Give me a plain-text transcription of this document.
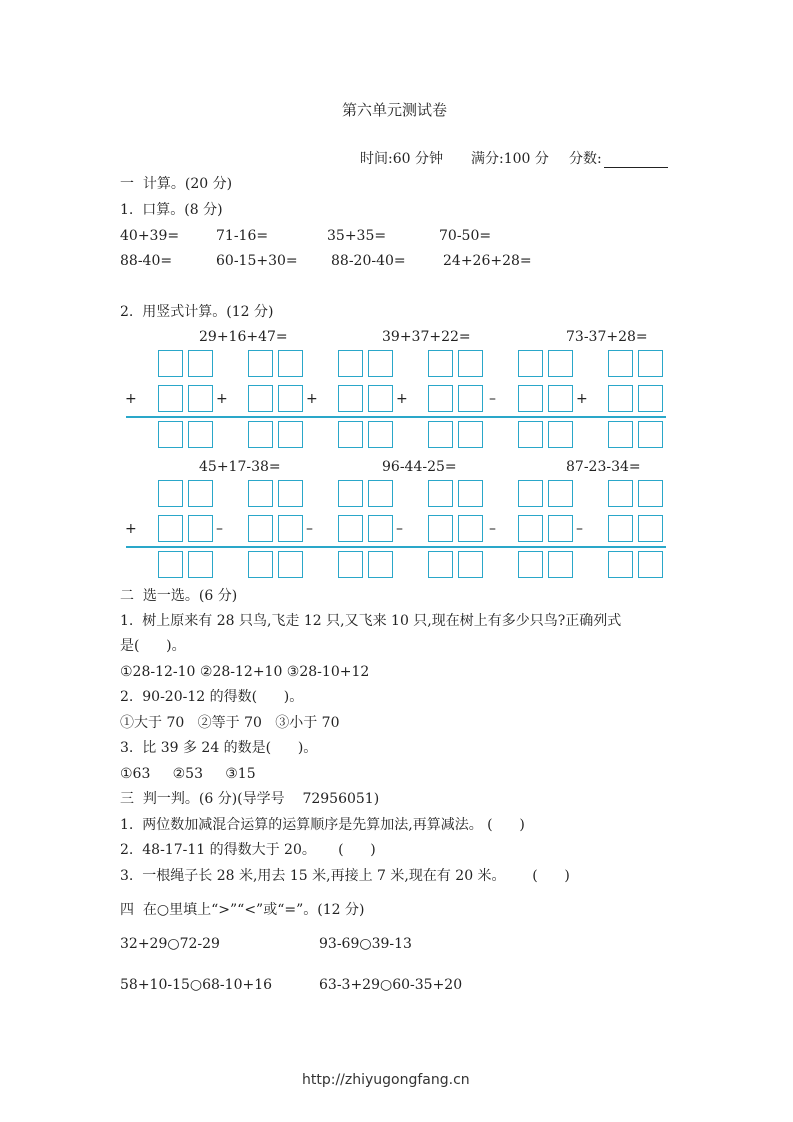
第六单元测试卷
时间:60 分钟 满分:100 分 分数:
一  计算。(20 分)
1.  口算。(8 分)
40+39=	71-16=	35+35=	70-50=
88-40=	60-15+30= 88-20-40=	24+26+28=
2.  用竖式计算。(12 分)
29+16+47=	39+37+22=	73-37+28=
45+17-38=	96-44-25=	87-23-34=
+	+	+	+	–	+
+	–	–	–	–	–
二  选一选。(6 分)
1.  树上原来有 28 只鸟,飞走 12 只,又飞来 10 只,现在树上有多少只鸟?正确列式
是(      )。
①28-12-10 ②28-12+10 ③28-10+12
2.  90-20-12 的得数(      )。
①大于 70   ②等于 70   ③小于 70
3.  比 39 多 24 的数是(      )。
①63     ②53     ③15
三  判一判。(6 分)(导学号    72956051)
1.  两位数加减混合运算的运算顺序是先算加法,再算减法。 (      )
2.  48-17-11 的得数大于 20。     (      )
3.  一根绳子长 28 米,用去 15 米,再接上 7 米,现在有 20 米。      (      )
四  在○里填上“>”“<”或“=”。(12 分)
32+29○72-29	93-69○39-13
58+10-15○68-10+16	63-3+29○60-35+20
http://zhiyugongfang.cn
